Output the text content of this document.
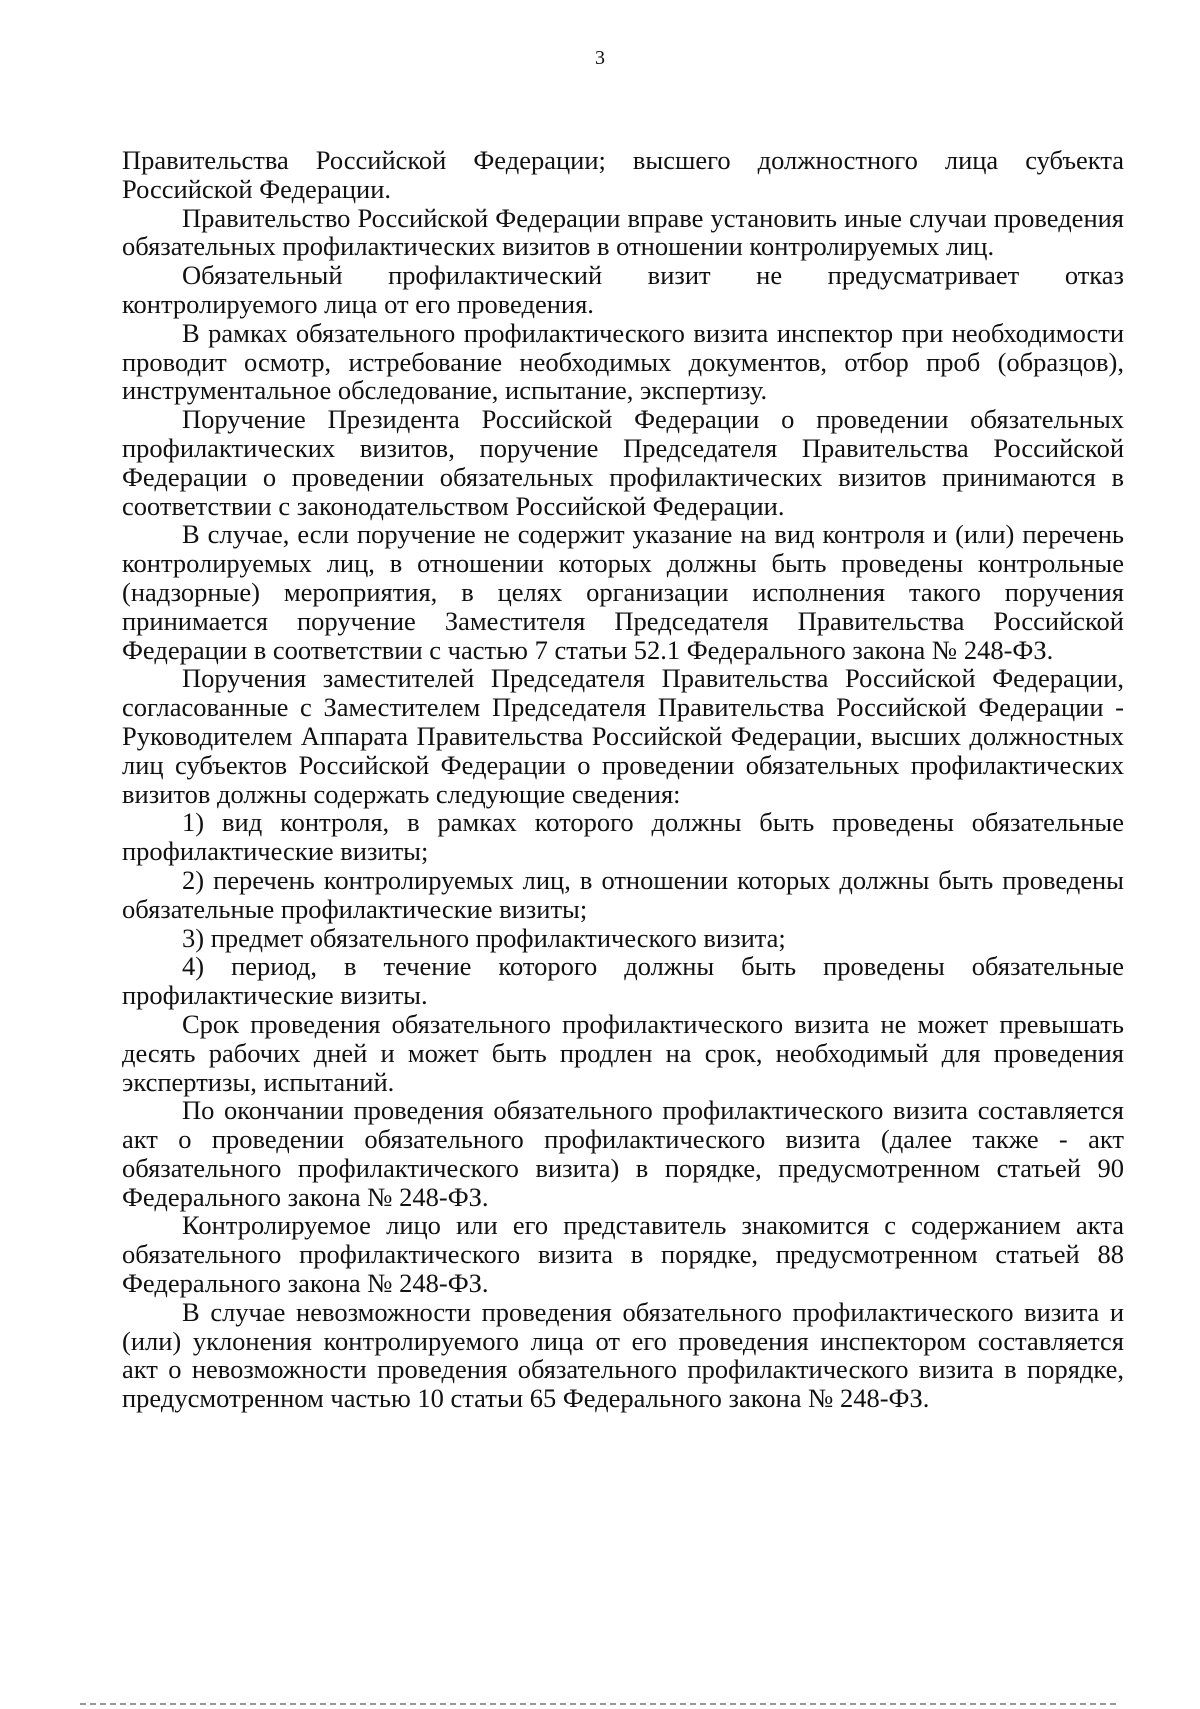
3

Правительства Российской Федерации; высшего должностного лица субъекта Российской Федерации.

Правительство Российской Федерации вправе установить иные случаи проведения обязательных профилактических визитов в отношении контролируемых лиц.

Обязательный профилактический визит не предусматривает отказ контролируемого лица от его проведения.

В рамках обязательного профилактического визита инспектор при необходимости проводит осмотр, истребование необходимых документов, отбор проб (образцов), инструментальное обследование, испытание, экспертизу.

Поручение Президента Российской Федерации о проведении обязательных профилактических визитов, поручение Председателя Правительства Российской Федерации о проведении обязательных профилактических визитов принимаются в соответствии с законодательством Российской Федерации.

В случае, если поручение не содержит указание на вид контроля и (или) перечень контролируемых лиц, в отношении которых должны быть проведены контрольные (надзорные) мероприятия, в целях организации исполнения такого поручения принимается поручение Заместителя Председателя Правительства Российской Федерации в соответствии с частью 7 статьи 52.1 Федерального закона № 248-ФЗ.

Поручения заместителей Председателя Правительства Российской Федерации, согласованные с Заместителем Председателя Правительства Российской Федерации - Руководителем Аппарата Правительства Российской Федерации, высших должностных лиц субъектов Российской Федерации о проведении обязательных профилактических визитов должны содержать следующие сведения:

1) вид контроля, в рамках которого должны быть проведены обязательные профилактические визиты;

2) перечень контролируемых лиц, в отношении которых должны быть проведены обязательные профилактические визиты;

3) предмет обязательного профилактического визита;

4) период, в течение которого должны быть проведены обязательные профилактические визиты.

Срок проведения обязательного профилактического визита не может превышать десять рабочих дней и может быть продлен на срок, необходимый для проведения экспертизы, испытаний.

По окончании проведения обязательного профилактического визита составляется акт о проведении обязательного профилактического визита (далее также - акт обязательного профилактического визита) в порядке, предусмотренном статьей 90 Федерального закона № 248-ФЗ.

Контролируемое лицо или его представитель знакомится с содержанием акта обязательного профилактического визита в порядке, предусмотренном статьей 88 Федерального закона № 248-ФЗ.

В случае невозможности проведения обязательного профилактического визита и (или) уклонения контролируемого лица от его проведения инспектором составляется акт о невозможности проведения обязательного профилактического визита в порядке, предусмотренном частью 10 статьи 65 Федерального закона № 248-ФЗ.
